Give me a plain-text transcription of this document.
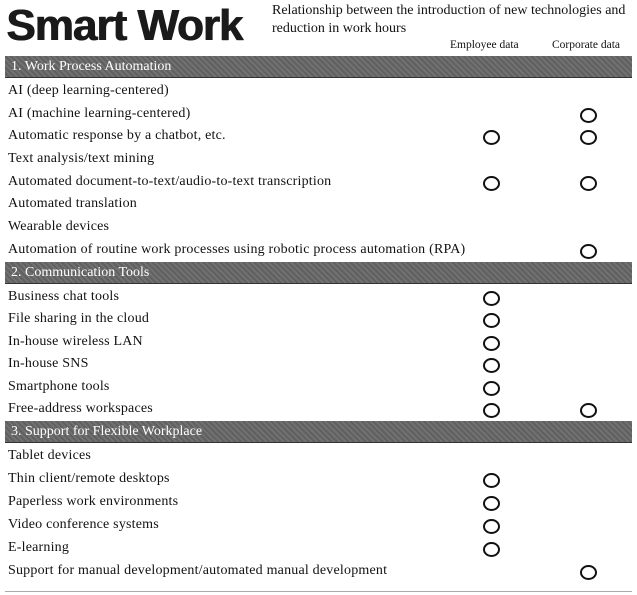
Smart Work Relationship between the introduction of new technologies and reduction in work hours
Employee data	Corporate data
1. Work Process Automation
AI (deep learning-centered)
AI (machine learning-centered)
Automatic response by a chatbot, etc.
Text analysis/text mining
Automated document-to-text/audio-to-text transcription
Automated translation
Wearable devices
Automation of routine work processes using robotic process automation (RPA)
2. Communication Tools
Business chat tools
File sharing in the cloud
In-house wireless LAN
In-house SNS
Smartphone tools
Free-address workspaces
3. Support for Flexible Workplace
Tablet devices
Thin client/remote desktops
Paperless work environments
Video conference systems
E-learning
Support for manual development/automated manual development
